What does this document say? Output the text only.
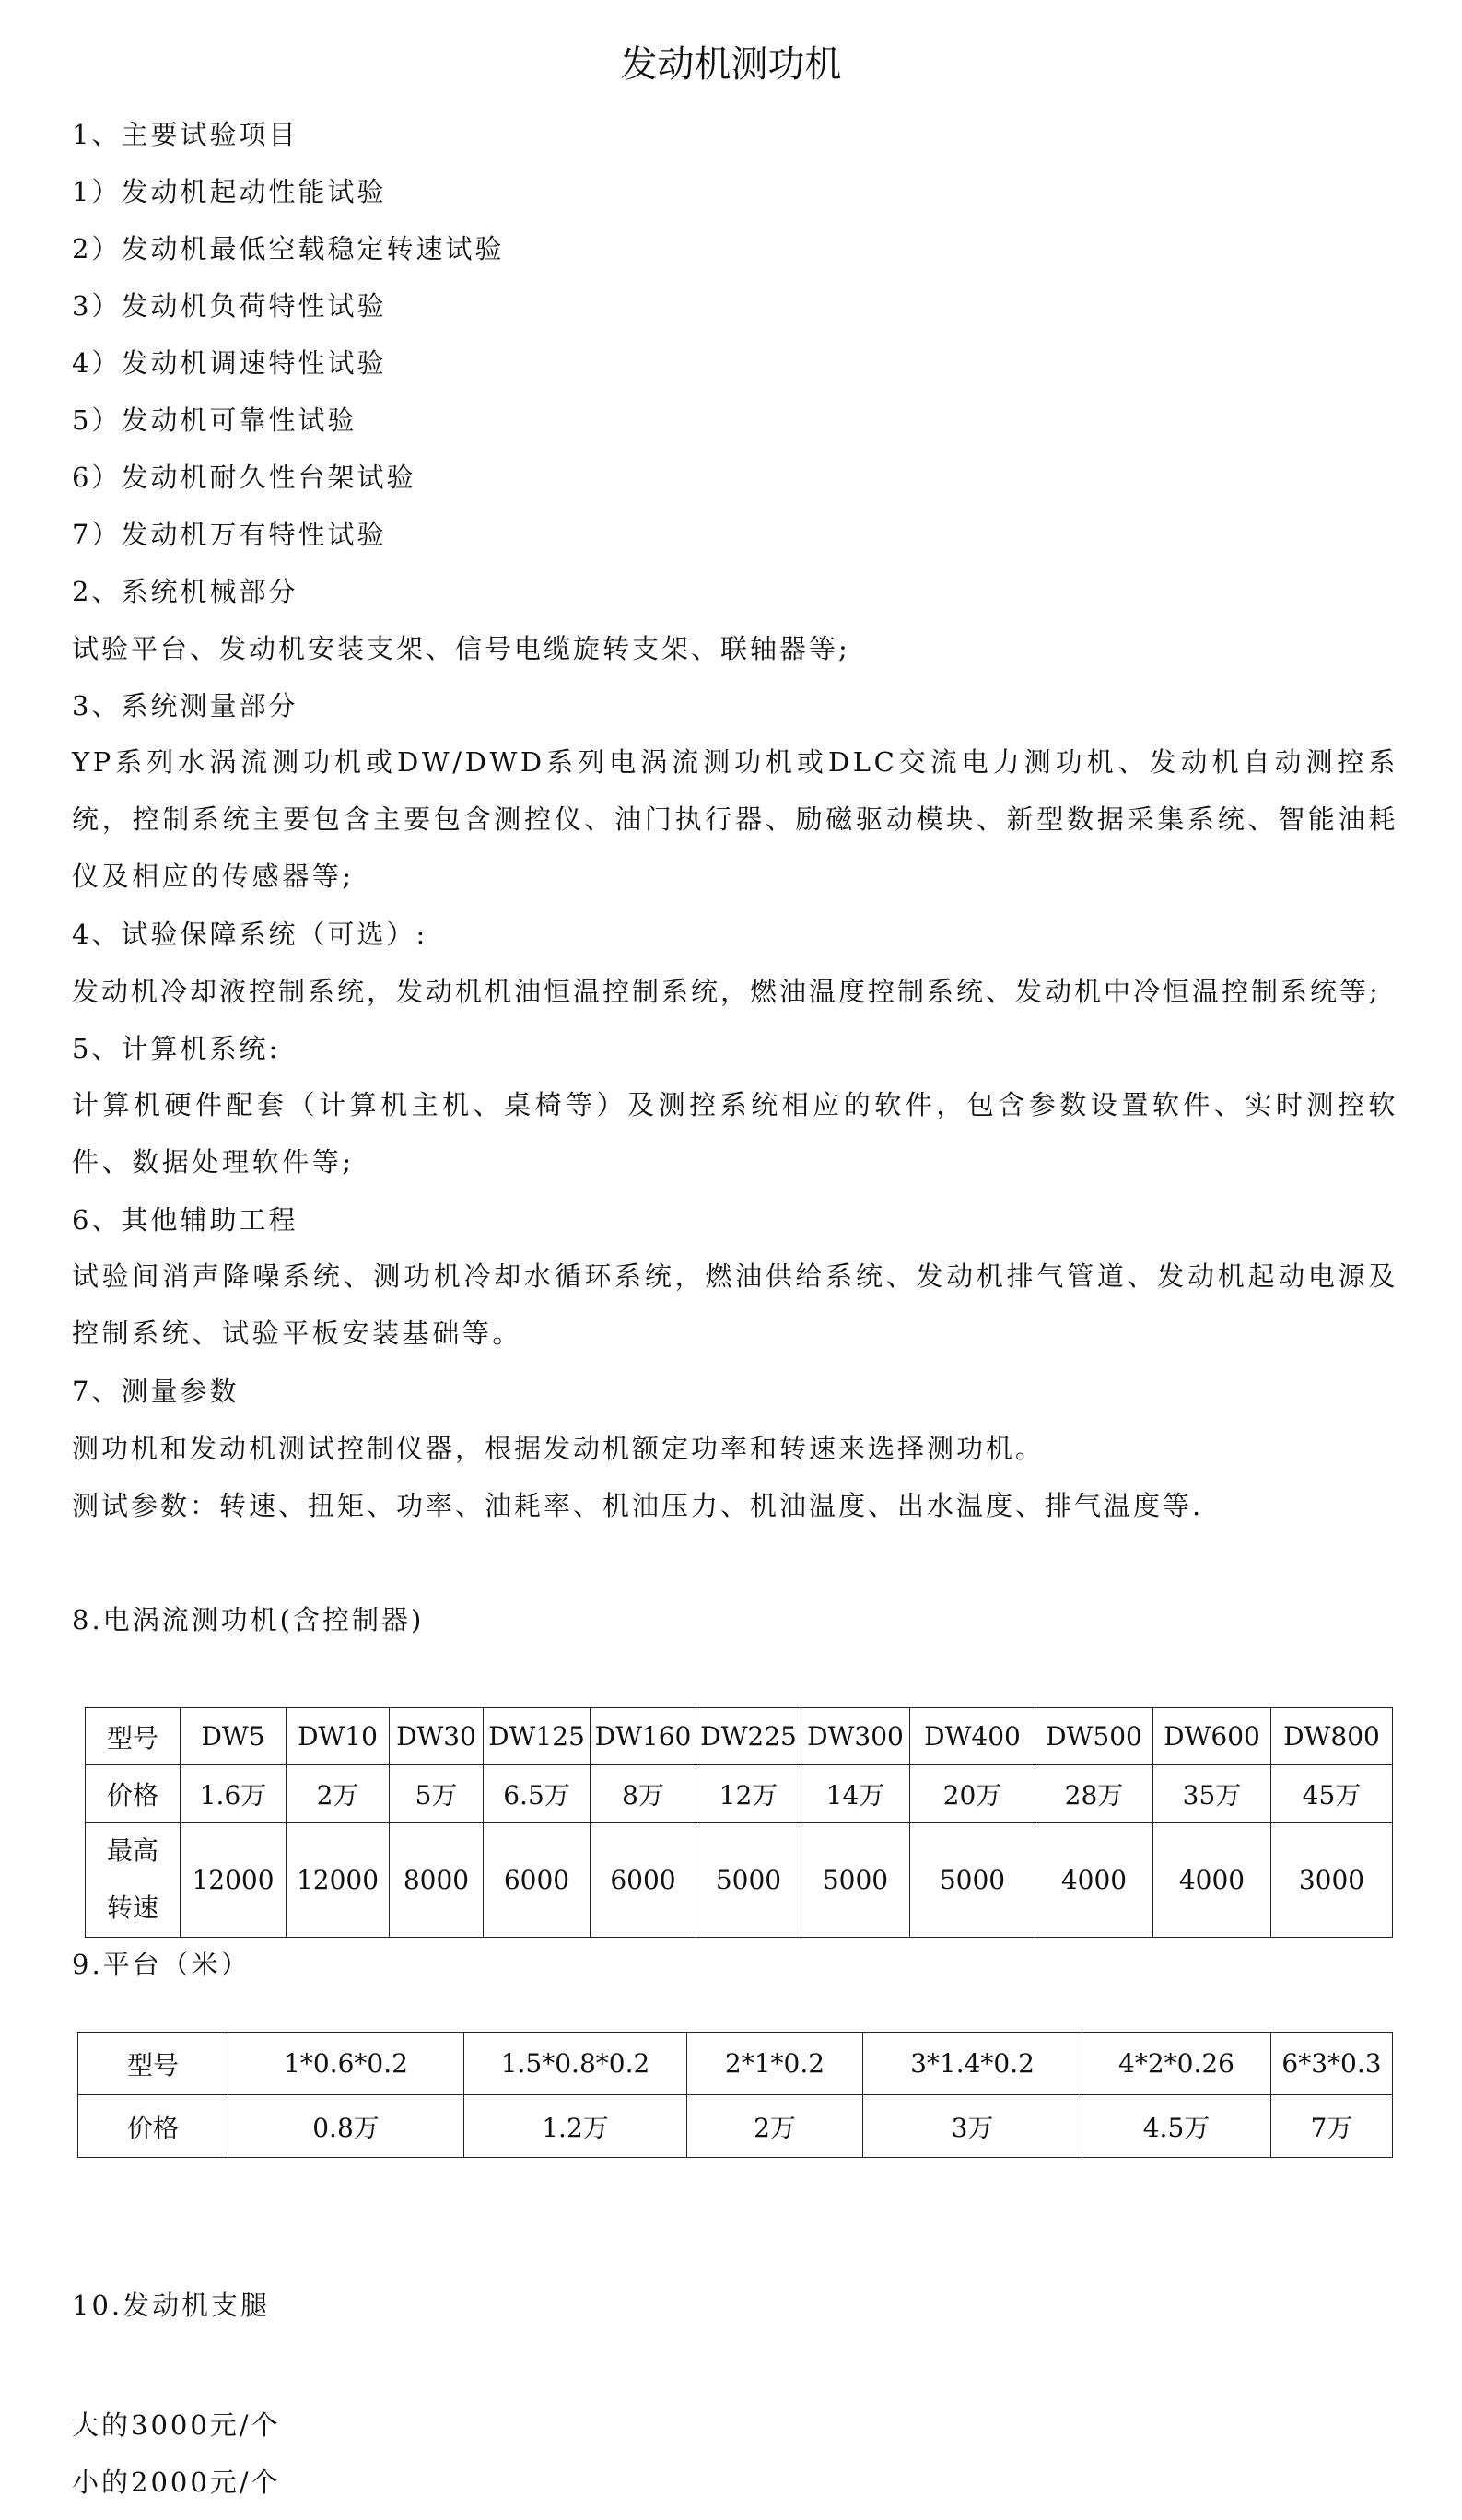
发动机测功机
1、主要试验项目
1）发动机起动性能试验
2）发动机最低空载稳定转速试验
3）发动机负荷特性试验
4）发动机调速特性试验
5）发动机可靠性试验
6）发动机耐久性台架试验
7）发动机万有特性试验
2、系统机械部分
试验平台、发动机安装支架、信号电缆旋转支架、联轴器等;
3、系统测量部分
YP系列水涡流测功机或DW/DWD系列电涡流测功机或DLC交流电力测功机、发动机自动测控系统，控制系统主要包含主要包含测控仪、油门执行器、励磁驱动模块、新型数据采集系统、智能油耗仪及相应的传感器等;
4、试验保障系统（可选）:
发动机冷却液控制系统，发动机机油恒温控制系统，燃油温度控制系统、发动机中冷恒温控制系统等;
5、计算机系统:
计算机硬件配套（计算机主机、桌椅等）及测控系统相应的软件，包含参数设置软件、实时测控软件、数据处理软件等;
6、其他辅助工程
试验间消声降噪系统、测功机冷却水循环系统，燃油供给系统、发动机排气管道、发动机起动电源及控制系统、试验平板安装基础等。
7、测量参数
测功机和发动机测试控制仪器，根据发动机额定功率和转速来选择测功机。
测试参数：转速、扭矩、功率、油耗率、机油压力、机油温度、出水温度、排气温度等.
8.电涡流测功机(含控制器)
型号	DW5	DW10	DW30	DW125	DW160	DW225	DW300	DW400	DW500	DW600	DW800
价格	1.6万	2万	5万	6.5万	8万	12万	14万	20万	28万	35万	45万
最高
转速	12000	12000	8000	6000	6000	5000	5000	5000	4000	4000	3000
9.平台（米）
型号	1*0.6*0.2	1.5*0.8*0.2	2*1*0.2	3*1.4*0.2	4*2*0.26	6*3*0.3
价格	0.8万	1.2万	2万	3万	4.5万	7万
10.发动机支腿
大的3000元/个
小的2000元/个
